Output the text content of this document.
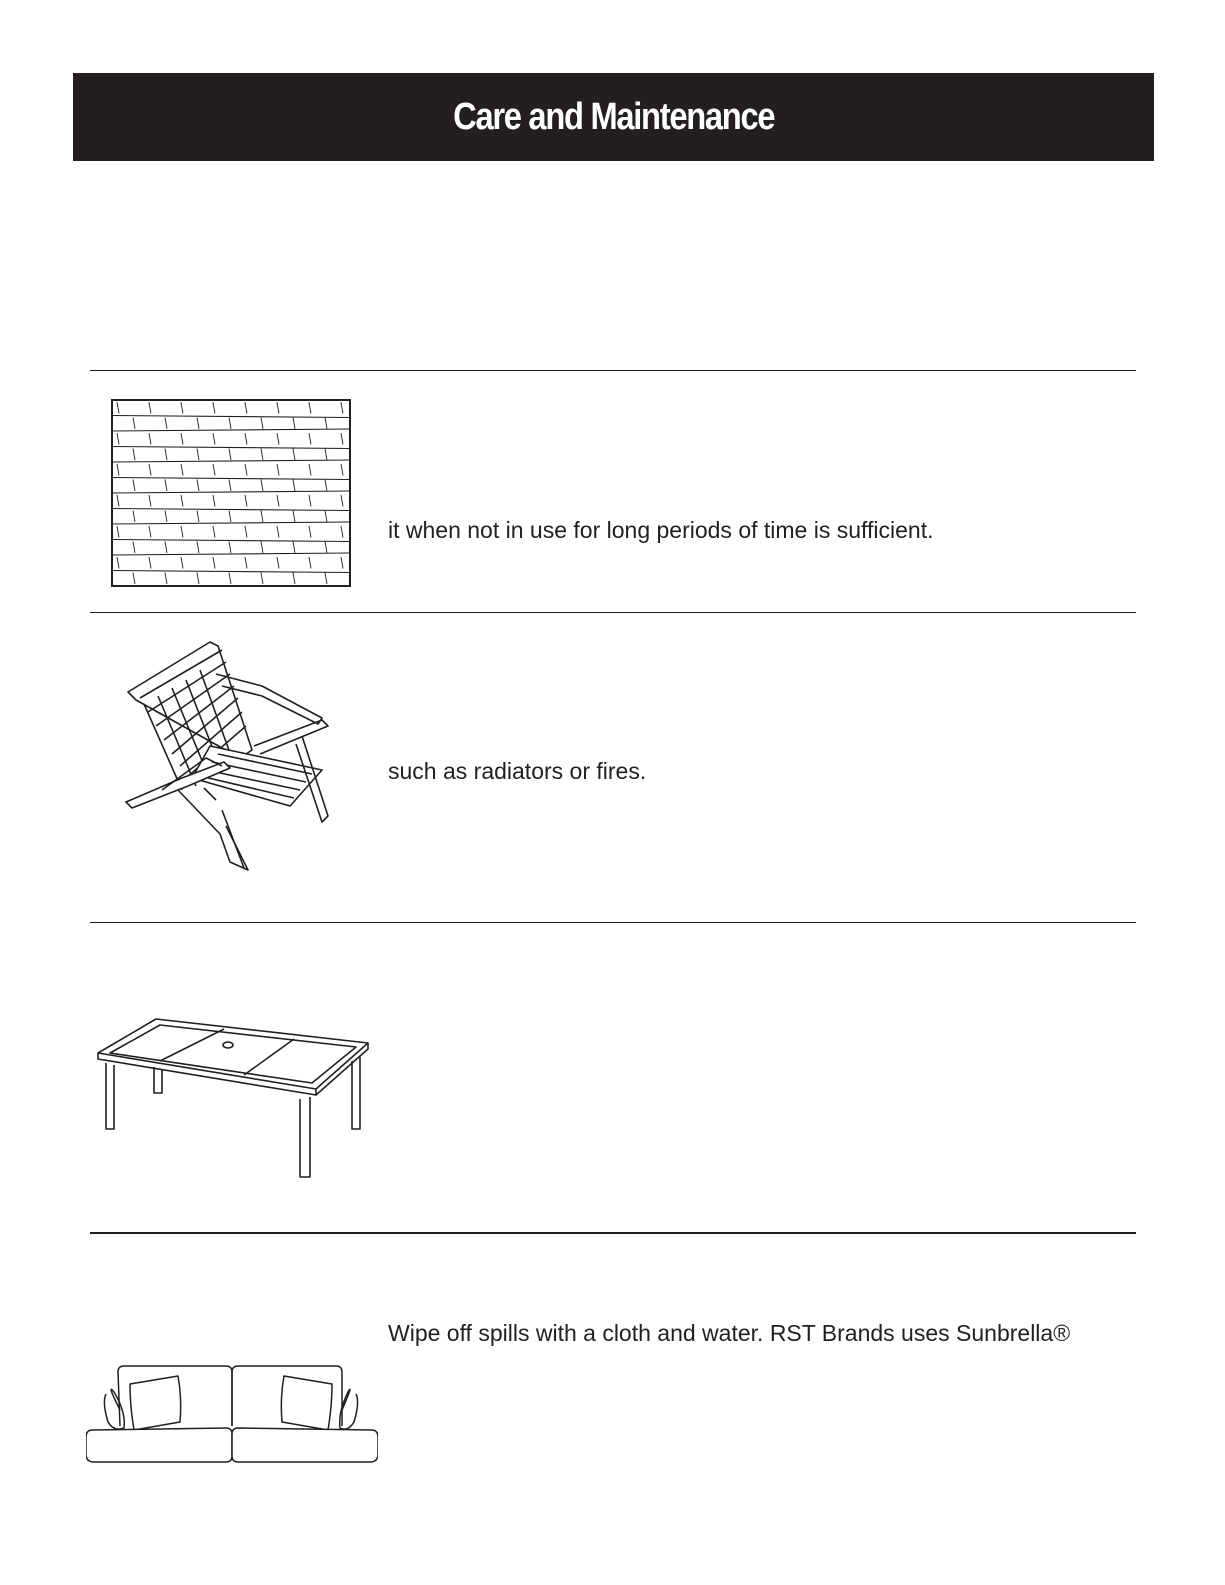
Care and Maintenance
it when not in use for long periods of time is sufficient.
such as radiators or fires.
Wipe off spills with a cloth and water. RST Brands uses Sunbrella®
